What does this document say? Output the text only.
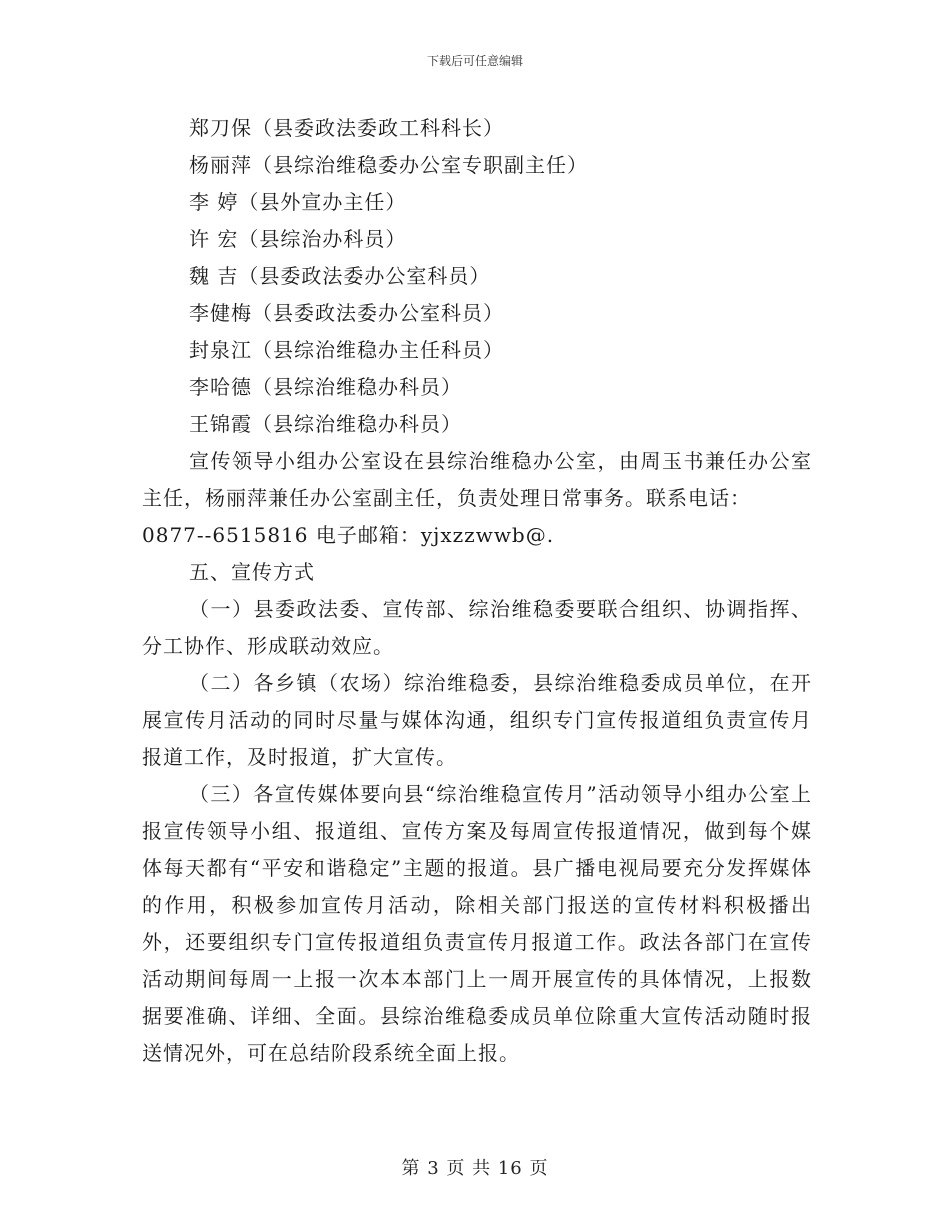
下载后可任意编辑
郑刀保（县委政法委政工科科长）
杨丽萍（县综治维稳委办公室专职副主任）
李 婷（县外宣办主任）
许 宏（县综治办科员）
魏 吉（县委政法委办公室科员）
李健梅（县委政法委办公室科员）
封泉江（县综治维稳办主任科员）
李哈德（县综治维稳办科员）
王锦霞（县综治维稳办科员）

宣传领导小组办公室设在县综治维稳办公室，由周玉书兼任办公室主任，杨丽萍兼任办公室副主任，负责处理日常事务。联系电话：

0877--6515816 电子邮箱：yjxzzwwb@.

五、宣传方式

（一）县委政法委、宣传部、综治维稳委要联合组织、协调指挥、分工协作、形成联动效应。

（二）各乡镇（农场）综治维稳委，县综治维稳委成员单位，在开展宣传月活动的同时尽量与媒体沟通，组织专门宣传报道组负责宣传月报道工作，及时报道，扩大宣传。

（三）各宣传媒体要向县“综治维稳宣传月”活动领导小组办公室上报宣传领导小组、报道组、宣传方案及每周宣传报道情况，做到每个媒体每天都有“平安和谐稳定”主题的报道。县广播电视局要充分发挥媒体的作用，积极参加宣传月活动，除相关部门报送的宣传材料积极播出外，还要组织专门宣传报道组负责宣传月报道工作。政法各部门在宣传活动期间每周一上报一次本本部门上一周开展宣传的具体情况，上报数据要准确、详细、全面。县综治维稳委成员单位除重大宣传活动随时报送情况外，可在总结阶段系统全面上报。

第 3 页 共 16 页
